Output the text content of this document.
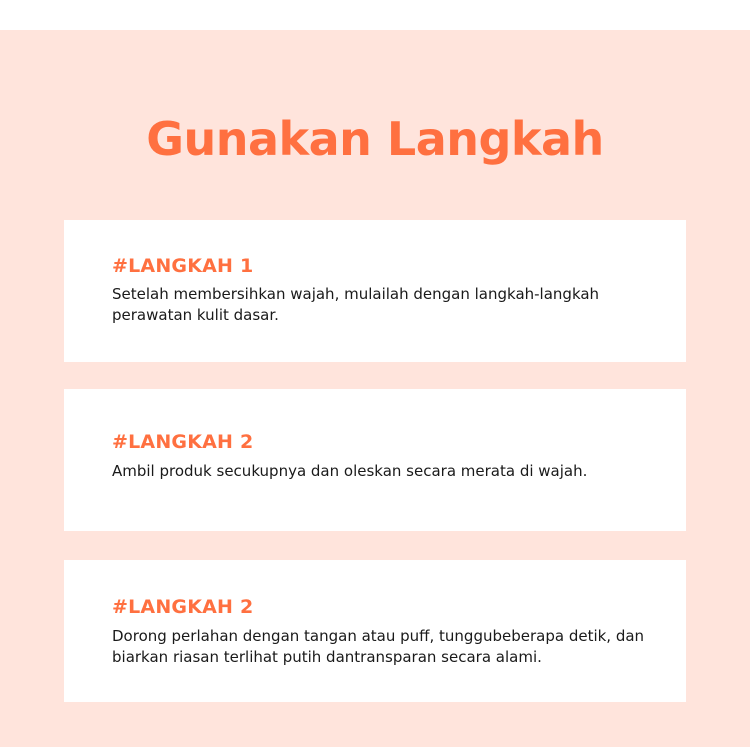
Gunakan Langkah

#LANGKAH 1

Setelah membersihkan wajah, mulailah dengan langkah-langkah perawatan kulit dasar.

#LANGKAH 2

Ambil produk secukupnya dan oleskan secara merata di wajah.

#LANGKAH 2

Dorong perlahan dengan tangan atau puff, tunggubeberapa detik, dan biarkan riasan terlihat putih dantransparan secara alami.
